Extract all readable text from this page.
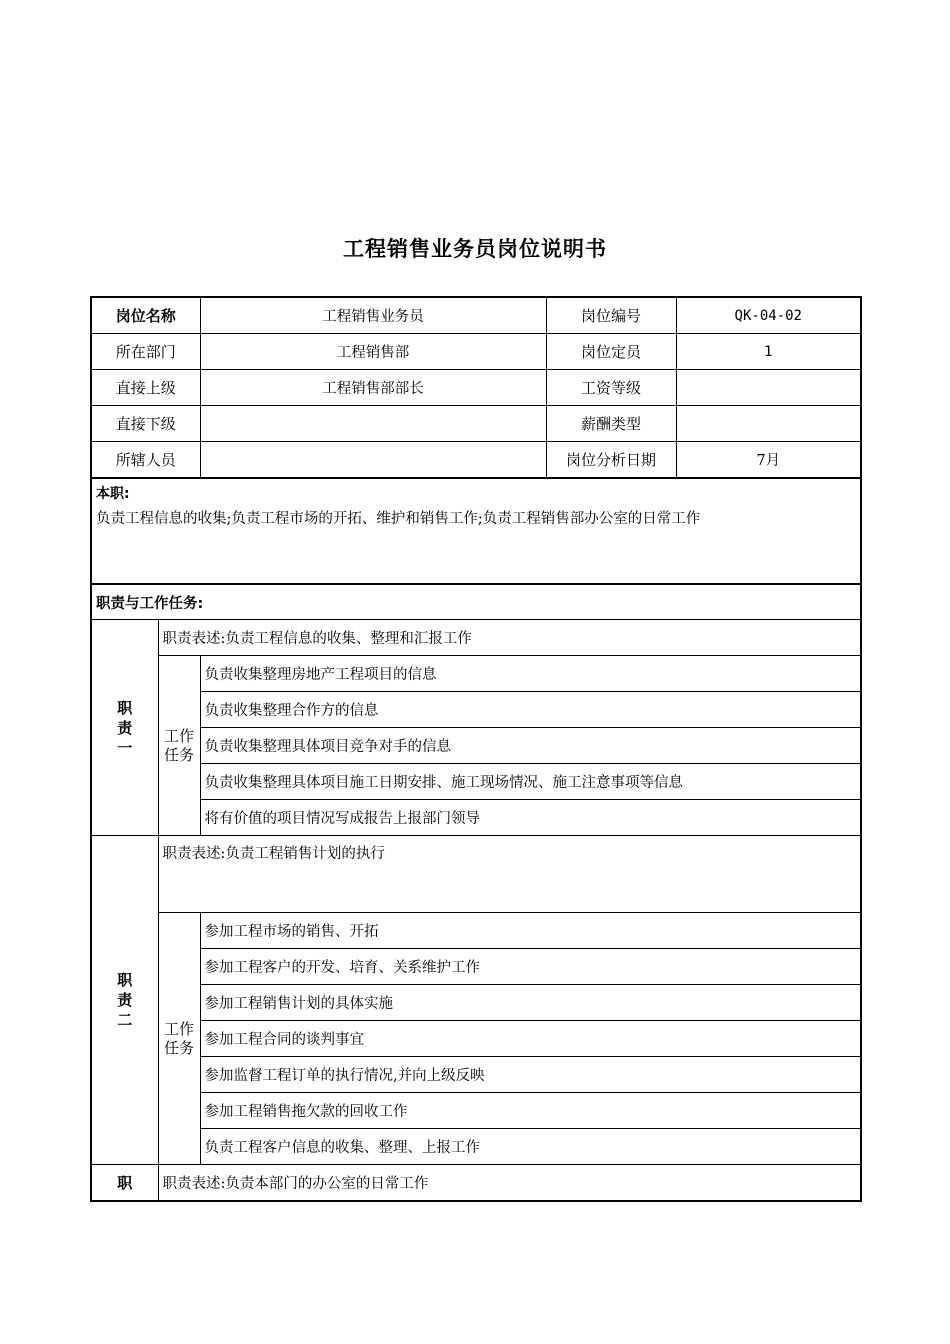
工程销售业务员岗位说明书
岗位名称		工程销售业务员	岗位编号	QK-04-02
所在部门		工程销售部	岗位定员	1
直接上级		工程销售部部长	工资等级	
直接下级			薪酬类型	
所辖人员			岗位分析日期	7月

本职:
负责工程信息的收集;负责工程市场的开拓、维护和销售工作;负责工程销售部办公室的日常工作				

职责与工作任务:				

职
责
一	职责表述:负责工程信息的收集、整理和汇报工作			

	工作
任务	负责收集整理房地产工程项目的信息		
		负责收集整理合作方的信息		
		负责收集整理具体项目竞争对手的信息		
		负责收集整理具体项目施工日期安排、施工现场情况、施工注意事项等信息		
		将有价值的项目情况写成报告上报部门领导		

职
责
二	职责表述:负责工程销售计划的执行			

	工作
任务	参加工程市场的销售、开拓		
		参加工程客户的开发、培育、关系维护工作		
		参加工程销售计划的具体实施		
		参加工程合同的谈判事宜		
		参加监督工程订单的执行情况,并向上级反映		
		参加工程销售拖欠款的回收工作		
		负责工程客户信息的收集、整理、上报工作		
职	职责表述:负责本部门的办公室的日常工作			
